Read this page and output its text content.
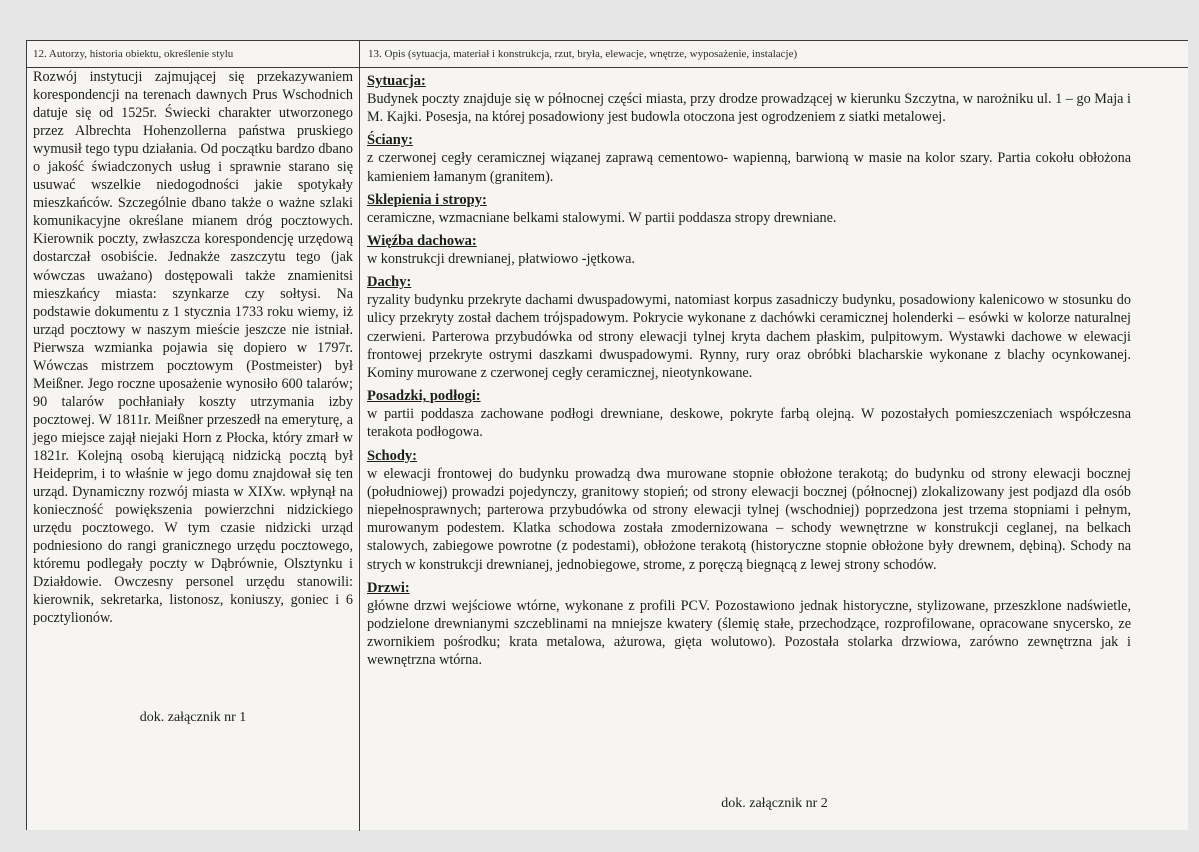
12. Autorzy, historia obiektu, określenie stylu	13. Opis (sytuacja, materiał i konstrukcja, rzut, bryła, elewacje, wnętrze, wyposażenie, instalacje)

Rozwój instytucji zajmującej się przekazywaniem korespondencji na terenach dawnych Prus Wschodnich datuje się od 1525r. Świecki charakter utworzonego przez Albrechta Hohenzollerna państwa pruskiego wymusił tego typu działania. Od początku bardzo dbano o jakość świadczonych usług i sprawnie starano się usuwać wszelkie niedogodności jakie spotykały mieszkańców. Szczególnie dbano także o ważne szlaki komunikacyjne określane mianem dróg pocztowych. Kierownik poczty, zwłaszcza korespondencję urzędową dostarczał osobiście. Jednakże zaszczytu tego (jak wówczas uważano) dostępowali także znamienitsi mieszkańcy miasta: szynkarze czy sołtysi. Na podstawie dokumentu z 1 stycznia 1733 roku wiemy, iż urząd pocztowy w naszym mieście jeszcze nie istniał. Pierwsza wzmianka pojawia się dopiero w 1797r. Wówczas mistrzem pocztowym (Postmeister) był Meißner. Jego roczne uposażenie wynosiło 600 talarów; 90 talarów pochłaniały koszty utrzymania izby pocztowej. W 1811r. Meißner przeszedł na emeryturę, a jego miejsce zajął niejaki Horn z Płocka, który zmarł w 1821r. Kolejną osobą kierującą nidzicką pocztą był Heideprim, i to właśnie w jego domu znajdował się ten urząd. Dynamiczny rozwój miasta w XIXw. wpłynął na konieczność powiększenia powierzchni nidzickiego urzędu pocztowego. W tym czasie nidzicki urząd podniesiono do rangi granicznego urzędu pocztowego, któremu podlegały poczty w Dąbrównie, Olsztynku i Działdowie. Owczesny personel urzędu stanowili: kierownik, sekretarka, listonosz, koniuszy, goniec i 6 pocztylionów.

dok. załącznik nr 1
Sytuacja:

Budynek poczty znajduje się w północnej części miasta, przy drodze prowadzącej w kierunku Szczytna, w narożniku ul. 1 – go Maja i M. Kajki. Posesja, na której posadowiony jest budowla otoczona jest ogrodzeniem z siatki metalowej.

Ściany:

z czerwonej cegły ceramicznej wiązanej zaprawą cementowo- wapienną, barwioną w masie na kolor szary. Partia cokołu obłożona kamieniem łamanym (granitem).

Sklepienia i stropy:

ceramiczne, wzmacniane belkami stalowymi. W partii poddasza stropy drewniane.

Więźba dachowa:

w konstrukcji drewnianej, płatwiowo -jętkowa.

Dachy:

ryzality budynku przekryte dachami dwuspadowymi, natomiast korpus zasadniczy budynku, posadowiony kalenicowo w stosunku do ulicy przekryty został dachem trójspadowym. Pokrycie wykonane z dachówki ceramicznej holenderki – esówki w kolorze naturalnej czerwieni. Parterowa przybudówka od strony elewacji tylnej kryta dachem płaskim, pulpitowym. Wystawki dachowe w elewacji frontowej przekryte ostrymi daszkami dwuspadowymi. Rynny, rury oraz obróbki blacharskie wykonane z blachy ocynkowanej. Kominy murowane z czerwonej cegły ceramicznej, nieotynkowane.

Posadzki, podłogi:

w partii poddasza zachowane podłogi drewniane, deskowe, pokryte farbą olejną. W pozostałych pomieszczeniach współczesna terakota podłogowa.

Schody:

w elewacji frontowej do budynku prowadzą dwa murowane stopnie obłożone terakotą; do budynku od strony elewacji bocznej (południowej) prowadzi pojedynczy, granitowy stopień; od strony elewacji bocznej (północnej) zlokalizowany jest podjazd dla osób niepełnosprawnych; parterowa przybudówka od strony elewacji tylnej (wschodniej) poprzedzona jest trzema stopniami i pełnym, murowanym podestem. Klatka schodowa została zmodernizowana – schody wewnętrzne w konstrukcji ceglanej, na belkach stalowych, zabiegowe powrotne (z podestami), obłożone terakotą (historyczne stopnie obłożone były drewnem, dębiną). Schody na strych w konstrukcji drewnianej, jednobiegowe, strome, z poręczą biegnącą z lewej strony schodów.

Drzwi:

główne drzwi wejściowe wtórne, wykonane z profili PCV. Pozostawiono jednak historyczne, stylizowane, przeszklone nadświetle, podzielone drewnianymi szczeblinami na mniejsze kwatery (ślemię stałe, przechodzące, rozprofilowane, opracowane snycersko, ze zwornikiem pośrodku; krata metalowa, ażurowa, gięta wolutowo). Pozostała stolarka drzwiowa, zarówno zewnętrzna jak i wewnętrzna wtórna.

dok. załącznik nr 2
